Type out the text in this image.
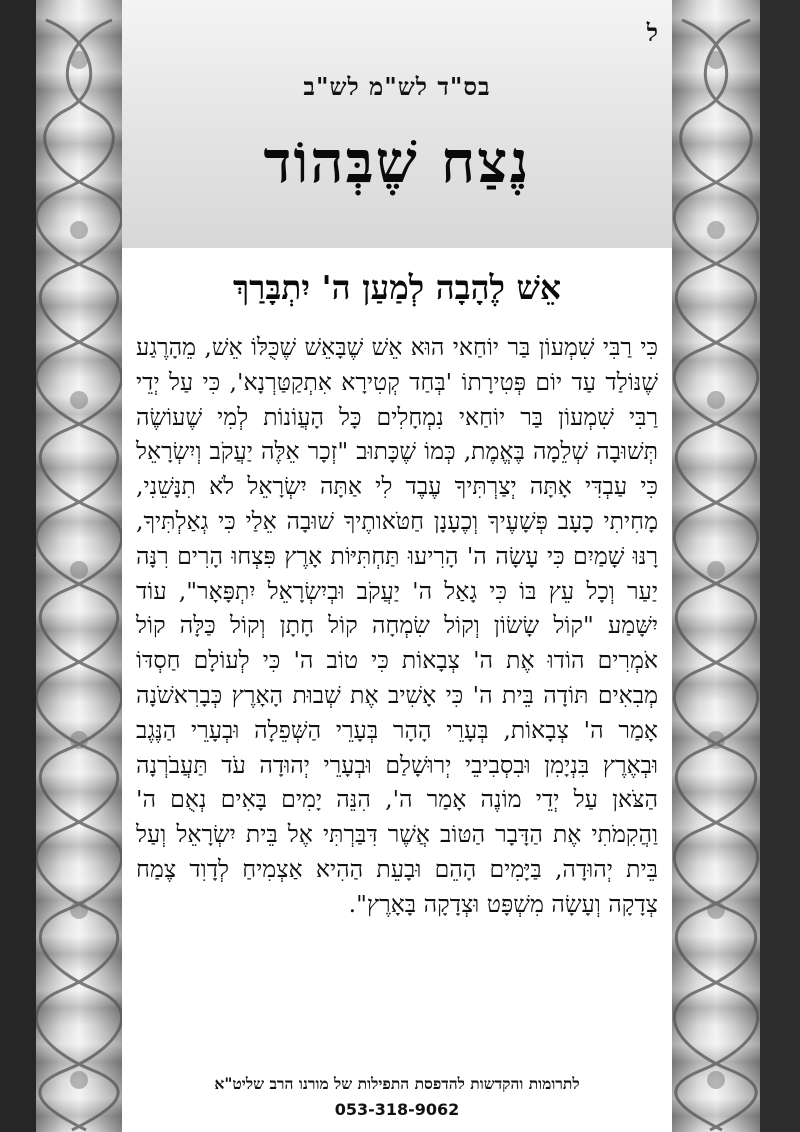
ל
בס"ד לש"מ לש"ב
נֶצַח שֶׁבְּהוֹד
אֵשׁ לֶהָבָה לְמַעַן ה' יִתְבָּרַךְ
כִּי רַבִּי שִׁמְעוֹן בַּר יוֹחַאי הוּא אֵשׁ שֶׁבָּאֵשׁ שֶׁכֻּלּוֹ אֵשׁ, מֵהָרֶגַע שֶׁנּוֹלַד עַד יוֹם פְּטִירָתוֹ 'בְּחַד קְטִירָא אִתְקַטַּרְנָא', כִּי עַל יְדֵי רַבִּי שִׁמְעוֹן בַּר יוֹחַאי נִמְחָלִים כָּל הָעֲוֹנוֹת לְמִי שֶׁעוֹשֶׂה תְּשׁוּבָה שְׁלֵמָה בֶּאֱמֶת, כְּמוֹ שֶׁכָּתוּב "זְכָר אֵלֶּה יַעֲקֹב וְיִשְׂרָאֵל כִּי עַבְדִּי אָתָּה יְצַרְתִּיךָ עֶבֶד לִי אַתָּה יִשְׂרָאֵל לֹא תִנָּשֵׁנִי, מָחִיתִי כָעָב פְּשָׁעֶיךָ וְכֶעָנָן חַטֹּאותֶיךָ שׁוּבָה אֵלַי כִּי גְאַלְתִּיךָ, רָנּוּ שָׁמַיִם כִּי עָשָׂה ה' הָרִיעוּ תַּחְתִּיּוֹת אָרֶץ פִּצְחוּ הָרִים רִנָּה יַעַר וְכָל עֵץ בּוֹ כִּי גָאַל ה' יַעֲקֹב וּבְיִשְׂרָאֵל יִתְפָּאָר", עוֹד יִשָּׁמַע "קוֹל שָׂשׂוֹן וְקוֹל שִׂמְחָה קוֹל חָתָן וְקוֹל כַּלָּה קוֹל אֹמְרִים הוֹדוּ אֶת ה' צְבָאוֹת כִּי טוֹב ה' כִּי לְעוֹלָם חַסְדּוֹ מְבִאִים תּוֹדָה בֵּית ה' כִּי אָשִׁיב אֶת שְׁבוּת הָאָרֶץ כְּבָרִאשֹׁנָה אָמַר ה' צְבָאוֹת, בְּעָרֵי הָהָר בְּעָרֵי הַשְּׁפֵלָה וּבְעָרֵי הַנֶּגֶב וּבְאֶרֶץ בִּנְיָמִן וּבִסְבִיבֵי יְרוּשָׁלַם וּבְעָרֵי יְהוּדָה עֹד תַּעֲבֹרְנָה הַצֹּאן עַל יְדֵי מוֹנֶה אָמַר ה', הִנֵּה יָמִים בָּאִים נְאֻם ה' וַהֲקִמֹתִי אֶת הַדָּבָר הַטּוֹב אֲשֶׁר דִּבַּרְתִּי אֶל בֵּית יִשְׂרָאֵל וְעַל בֵּית יְהוּדָה, בַּיָּמִים הָהֵם וּבָעֵת הַהִיא אַצְמִיחַ לְדָוִד צֶמַח צְדָקָה וְעָשָׂה מִשְׁפָּט וּצְדָקָה בָּאָרֶץ".
לתרומות והקדשות להדפסת התפילות של מורנו הרב שליט"א
053-318-9062
